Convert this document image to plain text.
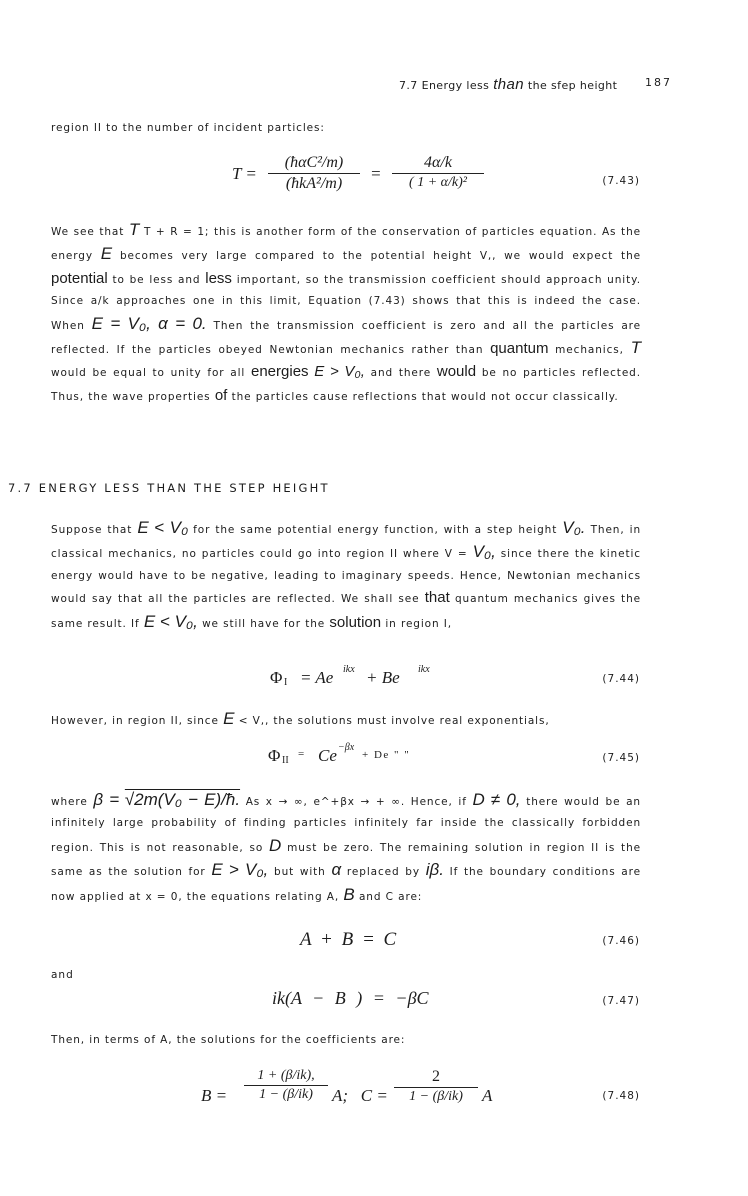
7.7 Energy less than the sfep height	187

region II to the number of incident particles:

T =
(ħαC²/m)
(ħkA²/m)
=
4α/k
( 1 + α/k)²	(7.43)

We see that T T + R = 1; this is another form of the conservation of particles equation. As the energy E becomes very large compared to the potential height V,, we would expect the potential to be less and less important, so the transmission coefficient should approach unity. Since a/k approaches one in this limit, Equation (7.43) shows that this is indeed the case. When E = V₀, α = 0. Then the transmission coefficient is zero and all the particles are reflected. If the particles obeyed Newtonian mechanics rather than quantum mechanics, T would be equal to unity for all energies E > V₀, and there would be no particles reflected. Thus, the wave properties of the particles cause reflections that would not occur classically.

7.7 ENERGY LESS THAN THE STEP HEIGHT

Suppose that E < V₀ for the same potential energy function, with a step height V₀. Then, in classical mechanics, no particles could go into region II where V = V₀, since there the kinetic energy would have to be negative, leading to imaginary speeds. Hence, Newtonian mechanics would say that all the particles are reflected. We shall see that quantum mechanics gives the same result. If E < V₀, we still have for the solution in region I,

Φ I = Ae ikx + Be ikx
(7.44)

However, in region II, since E < V,, the solutions must involve real exponentials,

Φ II
= Ce −βx
+ De " "	(7.45)

where β = √2m(V₀ − E)/ħ. As x → ∞, e^+βx → + ∞. Hence, if D ≠ 0, there would be an infinitely large probability of finding particles infinitely far inside the classically forbidden region. This is not reasonable, so D must be zero. The remaining solution in region II is the same as the solution for E > V₀, but with α replaced by iβ. If the boundary conditions are now applied at x = 0, the equations relating A, B and C are:

A + B = C	(7.46)
and
ik(A − B ) = −βC	(7.47)

Then, in terms of A, the solutions for the coefficients are:

B =
1 + (β/ik),
1 − (β/ik)	A;   C =
2
1 − (β/ik)	A	(7.48)
